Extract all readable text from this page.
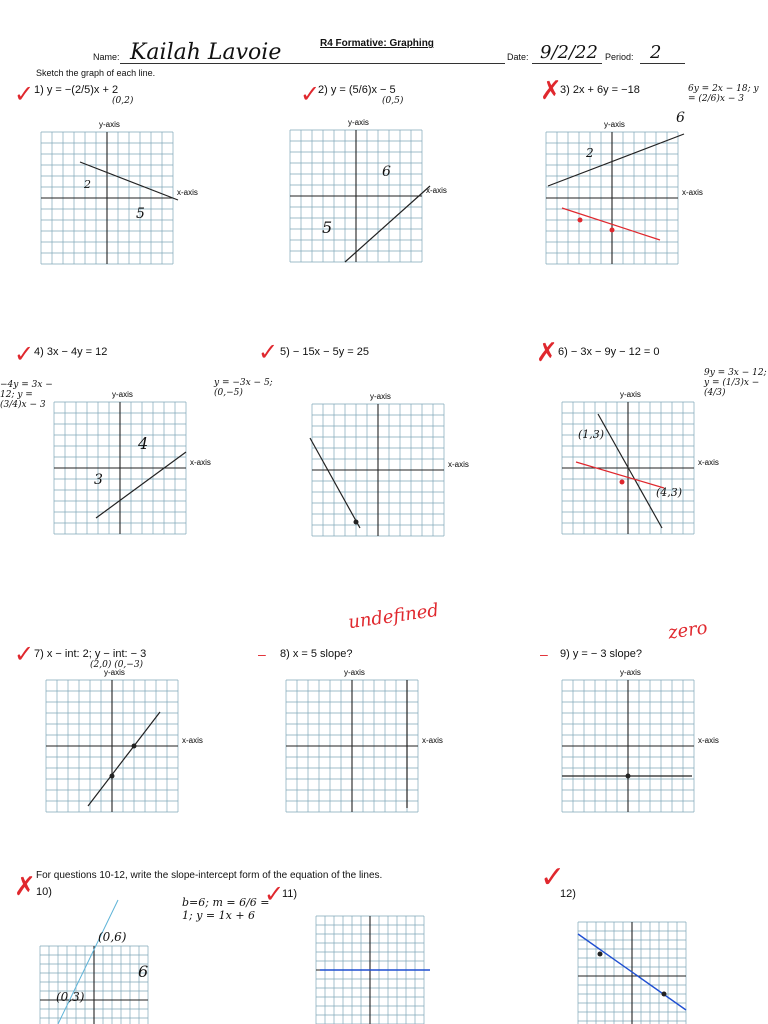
R4 Formative: Graphing
Name: Kailah Lavoie	Date: 9/2/22 Period: 2
Sketch the graph of each line.
✓ 1) y = −(2/5)x + 2
(0,2)	✓
2) y = (5/6)x − 5
(0,5)	✗
3) 2x + 6y = −18	6y = 2x − 18; y = (2/6)x − 3
✓ 4) 3x − 4y = 12
−4y = 3x − 12; y = (3/4)x − 3
✓ 5) − 15x − 5y = 25
y = −3x − 5; (0,−5)
✗ 6) − 3x − 9y − 12 = 0
9y = 3x − 12; y = (1/3)x − (4/3)
✓ 7) x − int: 2; y − int: − 3
(2,0) (0,−3)
– 8) x = 5 slope?
undefined
– 9) y = − 3 slope?
zero
For questions 10-12, write the slope-intercept form of the equation of the lines.
✗ 10)
b=6; m = 6/6 = 1; y = 1x + 6
✓
11)	✓
12)
y-axis
x-axis
y-axis
x-axis
y-axis
x-axis
y-axis
x-axis
y-axis
x-axis
y-axis
x-axis
y-axis
x-axis
y-axis
x-axis
y-axis
x-axis
5
2
6
5
6
2
4
3
(1,3)
(4,3)
(0,6)
(0,3)
6
